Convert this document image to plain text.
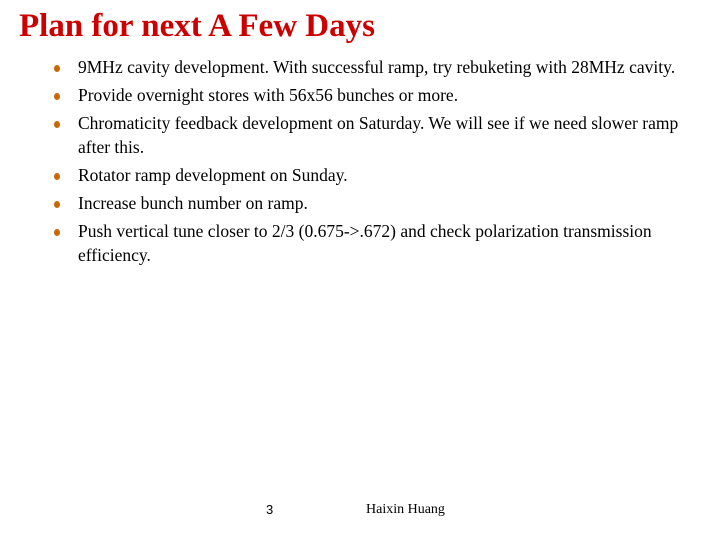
Plan for next A Few Days
9MHz cavity development. With successful ramp, try rebuketing with 28MHz cavity.
Provide overnight stores with 56x56 bunches or more.
Chromaticity feedback development on Saturday. We will see if we need slower ramp after this.
Rotator ramp development on Sunday.
Increase bunch number on ramp.
Push vertical tune closer to 2/3 (0.675->.672) and check polarization transmission efficiency.
3	Haixin Huang
